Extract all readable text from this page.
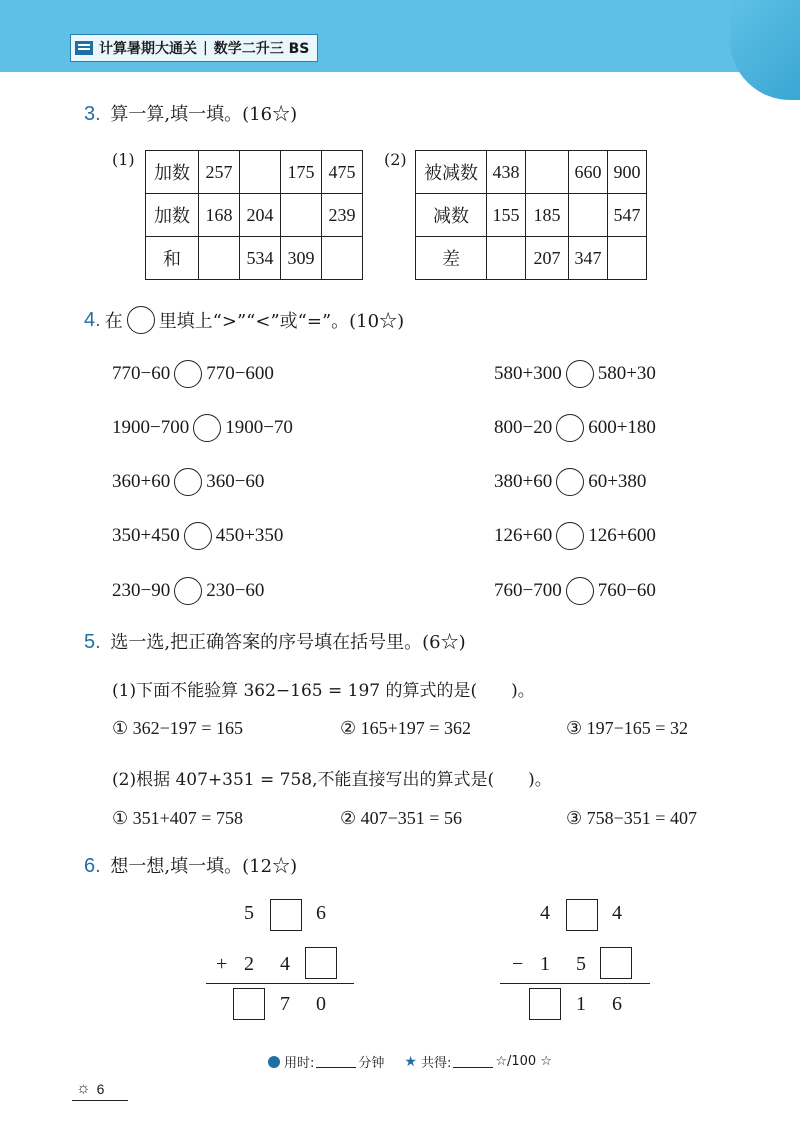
计算暑期大通关 | 数学二升三 BS
3. 算一算,填一填。(16☆)
(1)
加数	257		175	475
加数	168	204		239
和		534	309	
(2)
被减数	438		660	900
减数	155	185		547
差		207	347	
4. 在 里填上“>”“<”或“=”。(10☆)
770−60 770−600	580+300 580+30
1900−700 1900−70	800−20 600+180
360+60 360−60	380+60 60+380
350+450 450+350	126+60 126+600
230−90 230−60	760−700 760−60
5. 选一选,把正确答案的序号填在括号里。(6☆)
(1)下面不能验算 362−165 = 197 的算式的是(　　)。
① 362−197 = 165	② 165+197 = 362	③ 197−165 = 32
(2)根据 407+351 = 758,不能直接写出的算式是(　　)。
① 351+407 = 758	② 407−351 = 56	③ 758−351 = 407
6. 想一想,填一填。(12☆)
5	6
+ 2 4
7 0
4	4
− 1 5
1 6
用时:	分钟 ★ 共得:	☆/100 ☆
☼ 6
